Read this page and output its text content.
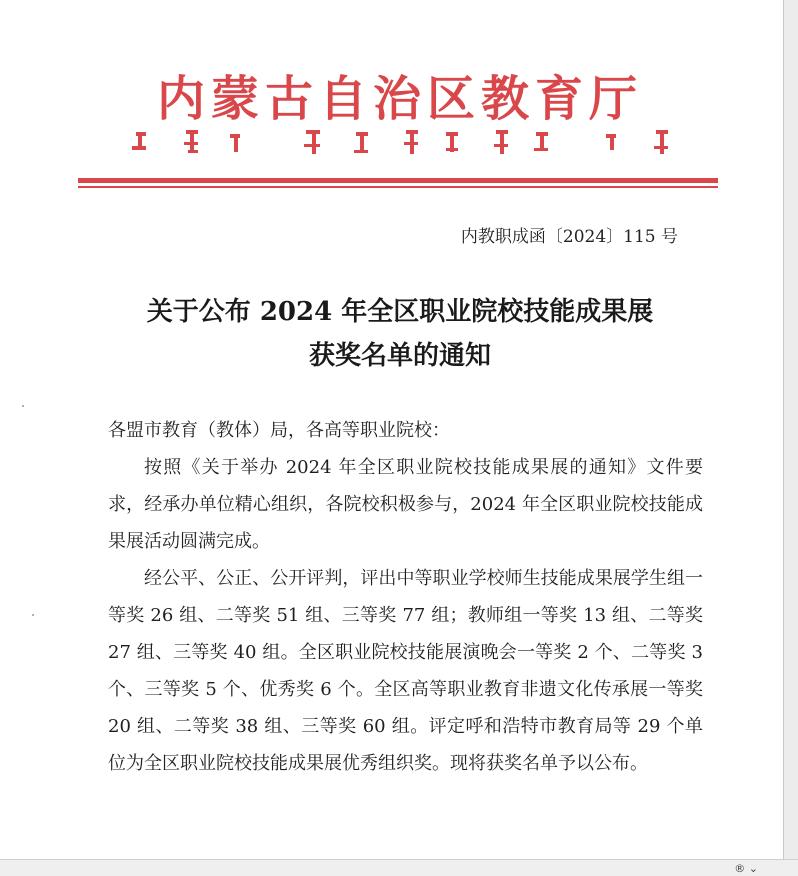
内蒙古自治区教育厅
内教职成函〔2024〕115 号
关于公布 2024 年全区职业院校技能成果展
获奖名单的通知

各盟市教育（教体）局，各高等职业院校：

按照《关于举办 2024 年全区职业院校技能成果展的通知》文件要求，经承办单位精心组织，各院校积极参与，2024 年全区职业院校技能成果展活动圆满完成。

经公平、公正、公开评判，评出中等职业学校师生技能成果展学生组一等奖 26 组、二等奖 51 组、三等奖 77 组；教师组一等奖 13 组、二等奖 27 组、三等奖 40 组。全区职业院校技能展演晚会一等奖 2 个、二等奖 3 个、三等奖 5 个、优秀奖 6 个。全区高等职业教育非遗文化传承展一等奖 20 组、二等奖 38 组、三等奖 60 组。评定呼和浩特市教育局等 29 个单位为全区职业院校技能成果展优秀组织奖。现将获奖名单予以公布。

® ⌄
